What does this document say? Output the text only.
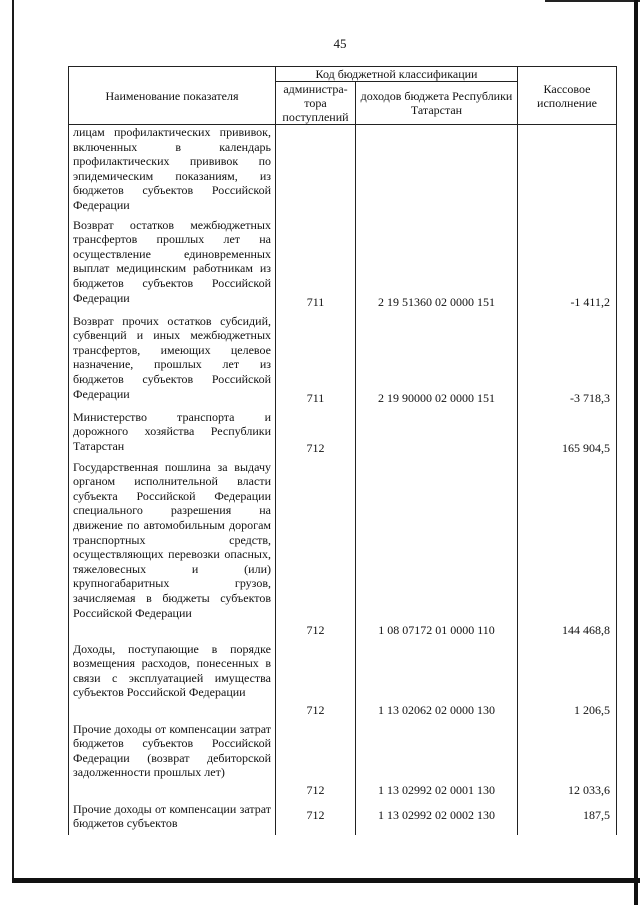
45
Наименование показателя	Код бюджетной классификации		Кассовое исполнение
	администра-тора поступлений	доходов бюджета Республики Татарстан	
лицам профилактических прививок, включенных в календарь профилактических прививок по эпидемическим показаниям, из бюджетов субъектов Российской Федерации			
Возврат остатков межбюджетных трансфертов прошлых лет на осуществление единовременных выплат медицинским работникам из бюджетов субъектов Российской Федерации	711	2 19 51360 02 0000 151	-1 411,2
Возврат прочих остатков субсидий, субвенций и иных межбюджетных трансфертов, имеющих целевое назначение, прошлых лет из бюджетов субъектов Российской Федерации	711	2 19 90000 02 0000 151	-3 718,3
Министерство транспорта и дорожного хозяйства Республики Татарстан	712		165 904,5
Государственная пошлина за выдачу органом исполнительной власти субъекта Российской Федерации специального разрешения на движение по автомобильным дорогам транспортных средств, осуществляющих перевозки опасных, тяжеловесных и (или) крупногабаритных грузов, зачисляемая в бюджеты субъектов Российской Федерации	712	1 08 07172 01 0000 110	144 468,8
Доходы, поступающие в порядке возмещения расходов, понесенных в связи с эксплуатацией имущества субъектов Российской Федерации	712	1 13 02062 02 0000 130	1 206,5
Прочие доходы от компенсации затрат бюджетов субъектов Российской Федерации (возврат дебиторской задолженности прошлых лет)	712	1 13 02992 02 0001 130	12 033,6
Прочие доходы от компенсации затрат бюджетов субъектов	712	1 13 02992 02 0002 130	187,5
